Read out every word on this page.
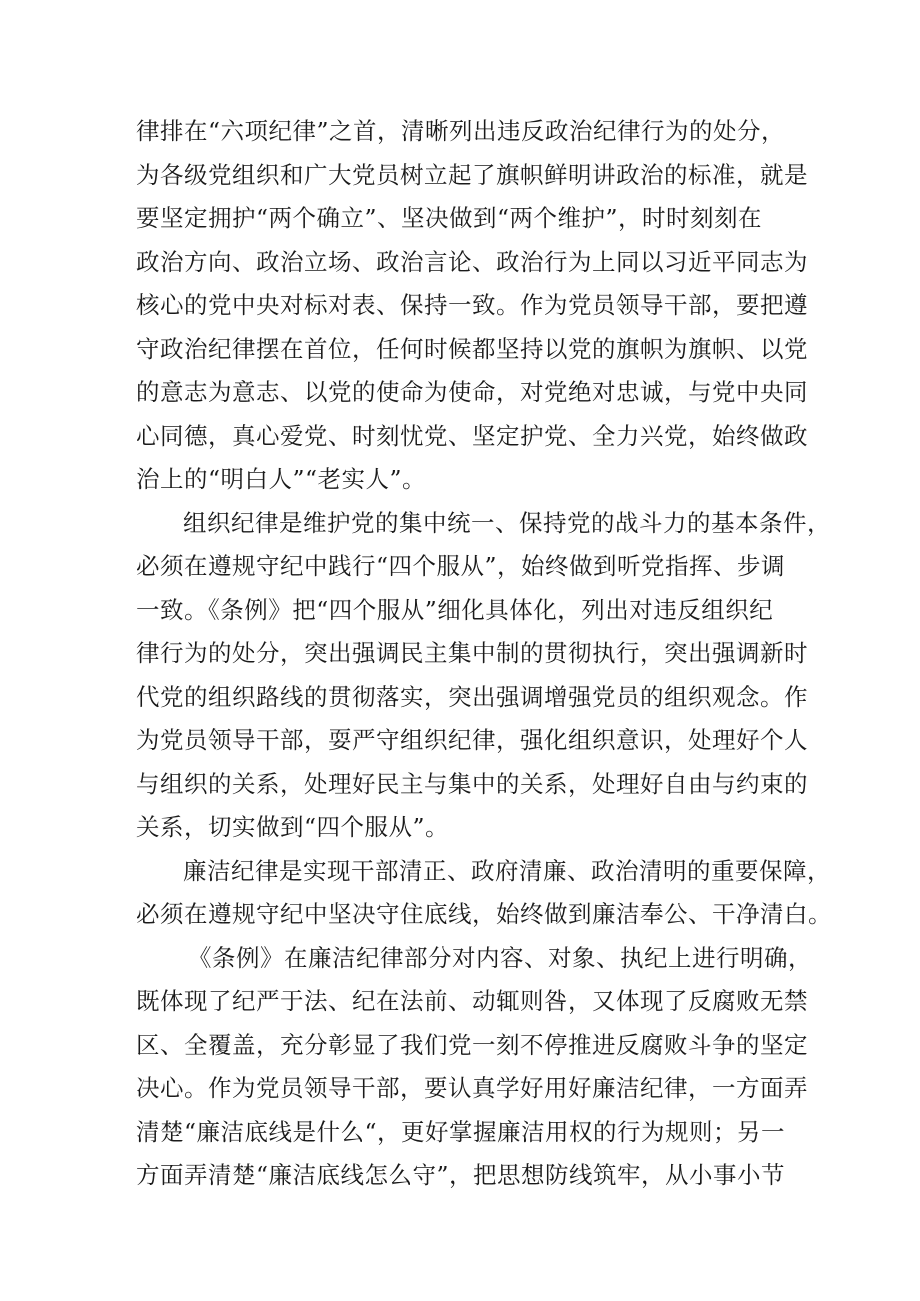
律排在“六项纪律”之首，清晰列出违反政治纪律行为的处分，
为各级党组织和广大党员树立起了旗帜鲜明讲政治的标准，就是
要坚定拥护“两个确立”、坚决做到“两个维护”，时时刻刻在
政治方向、政治立场、政治言论、政治行为上同以习近平同志为
核心的党中央对标对表、保持一致。作为党员领导干部，要把遵
守政治纪律摆在首位，任何时候都坚持以党的旗帜为旗帜、以党
的意志为意志、以党的使命为使命，对党绝对忠诚，与党中央同
心同德，真心爱党、时刻忧党、坚定护党、全力兴党，始终做政
治上的“明白人”“老实人”。
组织纪律是维护党的集中统一、保持党的战斗力的基本条件，
必须在遵规守纪中践行“四个服从”，始终做到听党指挥、步调
一致。《条例》把“四个服从”细化具体化，列出对违反组织纪
律行为的处分，突出强调民主集中制的贯彻执行，突出强调新时
代党的组织路线的贯彻落实，突出强调增强党员的组织观念。作
为党员领导干部，耍严守组织纪律，强化组织意识，处理好个人
与组织的关系，处理好民主与集中的关系，处理好自由与约束的
关系，切实做到“四个服从”。
廉洁纪律是实现干部清正、政府清廉、政治清明的重要保障，
必须在遵规守纪中坚决守住底线，始终做到廉洁奉公、干净清白。
《条例》在廉洁纪律部分对内容、对象、执纪上进行明确，
既体现了纪严于法、纪在法前、动辄则咎，又体现了反腐败无禁
区、全覆盖，充分彰显了我们党一刻不停推进反腐败斗争的坚定
决心。作为党员领导干部，要认真学好用好廉洁纪律，一方面弄
清楚“廉洁底线是什么“，更好掌握廉洁用权的行为规则；另一
方面弄清楚“廉洁底线怎么守”，把思想防线筑牢，从小事小节
